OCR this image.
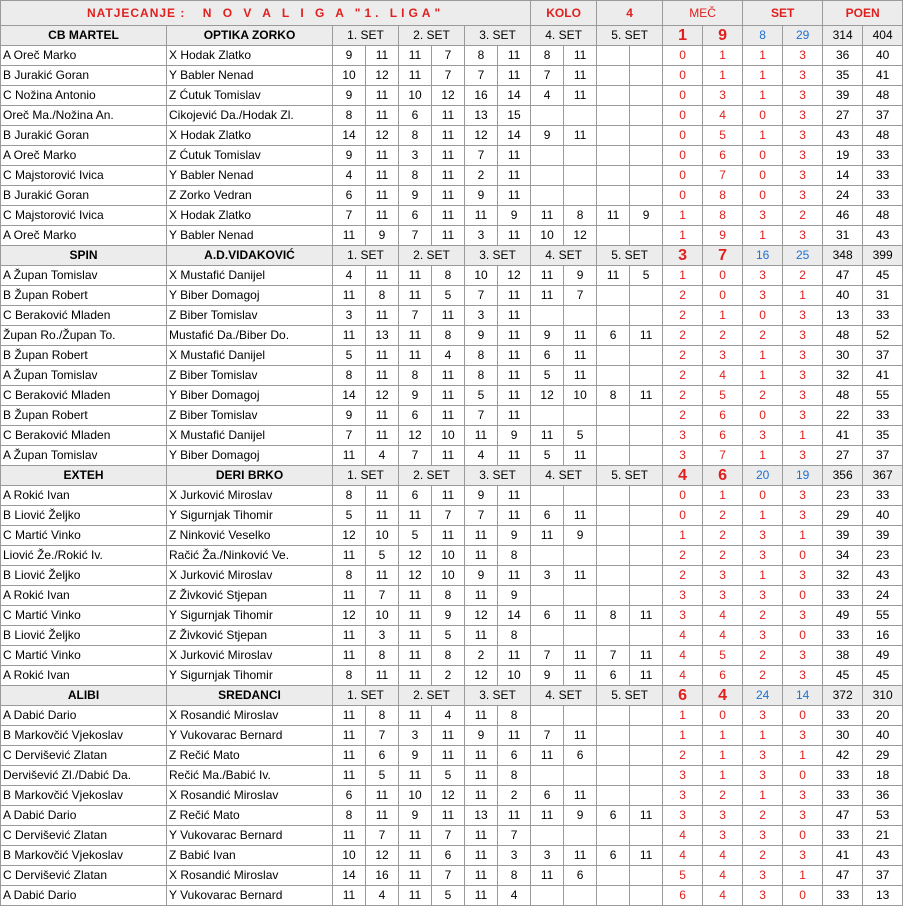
NATJECANJE : N O V A L I G A "1. LIGA"								KOLO		4		MEČ		SET		POEN	
CB MARTEL	OPTIKA ZORKO	1. SET		2. SET		3. SET		4. SET		5. SET		1	9	8	29	314	404
A Oreč Marko	X Hodak Zlatko	9	11	11	7	8	11	8	11			0	1	1	3	36	40
B Jurakić Goran	Y Babler Nenad	10	12	11	7	7	11	7	11			0	1	1	3	35	41
C Nožina Antonio	Z Ćutuk Tomislav	9	11	10	12	16	14	4	11			0	3	1	3	39	48
Oreč Ma./Nožina An.	Cikojević Da./Hodak Zl.	8	11	6	11	13	15					0	4	0	3	27	37
B Jurakić Goran	X Hodak Zlatko	14	12	8	11	12	14	9	11			0	5	1	3	43	48
A Oreč Marko	Z Ćutuk Tomislav	9	11	3	11	7	11					0	6	0	3	19	33
C Majstorović Ivica	Y Babler Nenad	4	11	8	11	2	11					0	7	0	3	14	33
B Jurakić Goran	Z Zorko Vedran	6	11	9	11	9	11					0	8	0	3	24	33
C Majstorović Ivica	X Hodak Zlatko	7	11	6	11	11	9	11	8	11	9	1	8	3	2	46	48
A Oreč Marko	Y Babler Nenad	11	9	7	11	3	11	10	12			1	9	1	3	31	43
SPIN	A.D.VIDAKOVIĆ	1. SET		2. SET		3. SET		4. SET		5. SET		3	7	16	25	348	399
A Župan Tomislav	X Mustafić Danijel	4	11	11	8	10	12	11	9	11	5	1	0	3	2	47	45
B Župan Robert	Y Biber Domagoj	11	8	11	5	7	11	11	7			2	0	3	1	40	31
C Beraković Mladen	Z Biber Tomislav	3	11	7	11	3	11					2	1	0	3	13	33
Župan Ro./Župan To.	Mustafić Da./Biber Do.	11	13	11	8	9	11	9	11	6	11	2	2	2	3	48	52
B Župan Robert	X Mustafić Danijel	5	11	11	4	8	11	6	11			2	3	1	3	30	37
A Župan Tomislav	Z Biber Tomislav	8	11	8	11	8	11	5	11			2	4	1	3	32	41
C Beraković Mladen	Y Biber Domagoj	14	12	9	11	5	11	12	10	8	11	2	5	2	3	48	55
B Župan Robert	Z Biber Tomislav	9	11	6	11	7	11					2	6	0	3	22	33
C Beraković Mladen	X Mustafić Danijel	7	11	12	10	11	9	11	5			3	6	3	1	41	35
A Župan Tomislav	Y Biber Domagoj	11	4	7	11	4	11	5	11			3	7	1	3	27	37
EXTEH	DERI BRKO	1. SET		2. SET		3. SET		4. SET		5. SET		4	6	20	19	356	367
A Rokić Ivan	X Jurković Miroslav	8	11	6	11	9	11					0	1	0	3	23	33
B Liović Željko	Y Sigurnjak Tihomir	5	11	11	7	7	11	6	11			0	2	1	3	29	40
C Martić Vinko	Z Ninković Veselko	12	10	5	11	11	9	11	9			1	2	3	1	39	39
Liović Že./Rokić Iv.	Račić Ža./Ninković Ve.	11	5	12	10	11	8					2	2	3	0	34	23
B Liović Željko	X Jurković Miroslav	8	11	12	10	9	11	3	11			2	3	1	3	32	43
A Rokić Ivan	Z Živković Stjepan	11	7	11	8	11	9					3	3	3	0	33	24
C Martić Vinko	Y Sigurnjak Tihomir	12	10	11	9	12	14	6	11	8	11	3	4	2	3	49	55
B Liović Željko	Z Živković Stjepan	11	3	11	5	11	8					4	4	3	0	33	16
C Martić Vinko	X Jurković Miroslav	11	8	11	8	2	11	7	11	7	11	4	5	2	3	38	49
A Rokić Ivan	Y Sigurnjak Tihomir	8	11	11	2	12	10	9	11	6	11	4	6	2	3	45	45
ALIBI	SREDANCI	1. SET		2. SET		3. SET		4. SET		5. SET		6	4	24	14	372	310
A Dabić Dario	X Rosandić Miroslav	11	8	11	4	11	8					1	0	3	0	33	20
B Markovčić Vjekoslav	Y Vukovarac Bernard	11	7	3	11	9	11	7	11			1	1	1	3	30	40
C Dervišević Zlatan	Z Rečić Mato	11	6	9	11	11	6	11	6			2	1	3	1	42	29
Dervišević Zl./Dabić Da.	Rečić Ma./Babić Iv.	11	5	11	5	11	8					3	1	3	0	33	18
B Markovčić Vjekoslav	X Rosandić Miroslav	6	11	10	12	11	2	6	11			3	2	1	3	33	36
A Dabić Dario	Z Rečić Mato	8	11	9	11	13	11	11	9	6	11	3	3	2	3	47	53
C Dervišević Zlatan	Y Vukovarac Bernard	11	7	11	7	11	7					4	3	3	0	33	21
B Markovčić Vjekoslav	Z Babić Ivan	10	12	11	6	11	3	3	11	6	11	4	4	2	3	41	43
C Dervišević Zlatan	X Rosandić Miroslav	14	16	11	7	11	8	11	6			5	4	3	1	47	37
A Dabić Dario	Y Vukovarac Bernard	11	4	11	5	11	4					6	4	3	0	33	13
